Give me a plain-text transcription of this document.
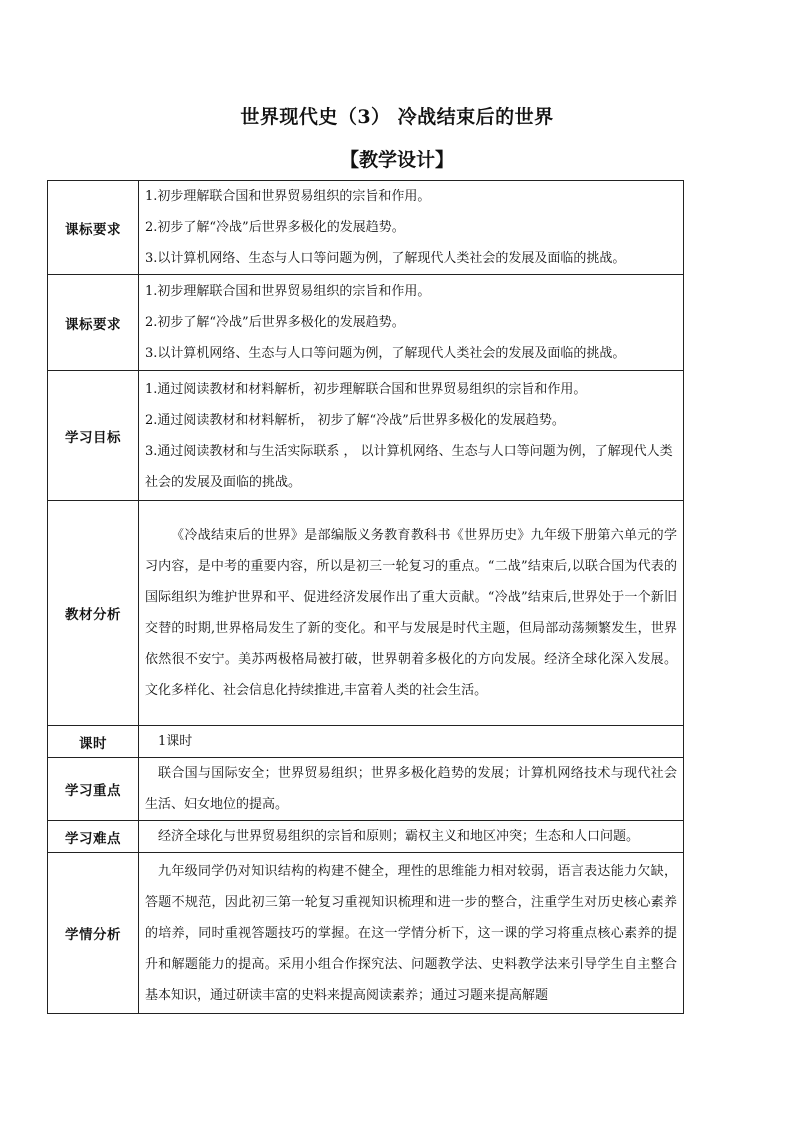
世界现代史（3） 冷战结束后的世界
【教学设计】
课标要求	1.初步理解联合国和世界贸易组织的宗旨和作用。

2.初步了解“冷战”后世界多极化的发展趋势。

3.以计算机网络、生态与人口等问题为例，了解现代人类社会的发展及面临的挑战。

课标要求	1.初步理解联合国和世界贸易组织的宗旨和作用。

2.初步了解“冷战”后世界多极化的发展趋势。

3.以计算机网络、生态与人口等问题为例，了解现代人类社会的发展及面临的挑战。

学习目标	1.通过阅读教材和材料解析，初步理解联合国和世界贸易组织的宗旨和作用。

2.通过阅读教材和材料解析， 初步了解“冷战”后世界多极化的发展趋势。

3.通过阅读教材和与生活实际联系 ， 以计算机网络、生态与人口等问题为例，了解现代人类社会的发展及面临的挑战。

教材分析	《冷战结束后的世界》是部编版义务教育教科书《世界历史》九年级下册第六单元的学习内容，是中考的重要内容，所以是初三一轮复习的重点。“二战”结束后,以联合国为代表的国际组织为维护世界和平、促进经济发展作出了重大贡献。“冷战”结束后,世界处于一个新旧交替的时期,世界格局发生了新的变化。和平与发展是时代主题，但局部动荡频繁发生，世界依然很不安宁。美苏两极格局被打破，世界朝着多极化的方向发展。经济全球化深入发展。文化多样化、社会信息化持续推进,丰富着人类的社会生活。

课时	1课时

学习重点	联合国与国际安全；世界贸易组织；世界多极化趋势的发展；计算机网络技术与现代社会生活、妇女地位的提高。

学习难点	经济全球化与世界贸易组织的宗旨和原则；霸权主义和地区冲突；生态和人口问题。

学情分析	九年级同学仍对知识结构的构建不健全，理性的思维能力相对较弱，语言表达能力欠缺，答题不规范，因此初三第一轮复习重视知识梳理和进一步的整合，注重学生对历史核心素养的培养，同时重视答题技巧的掌握。在这一学情分析下，这一课的学习将重点核心素养的提升和解题能力的提高。采用小组合作探究法、问题教学法、史料教学法来引导学生自主整合基本知识，通过研读丰富的史料来提高阅读素养；通过习题来提高解题
